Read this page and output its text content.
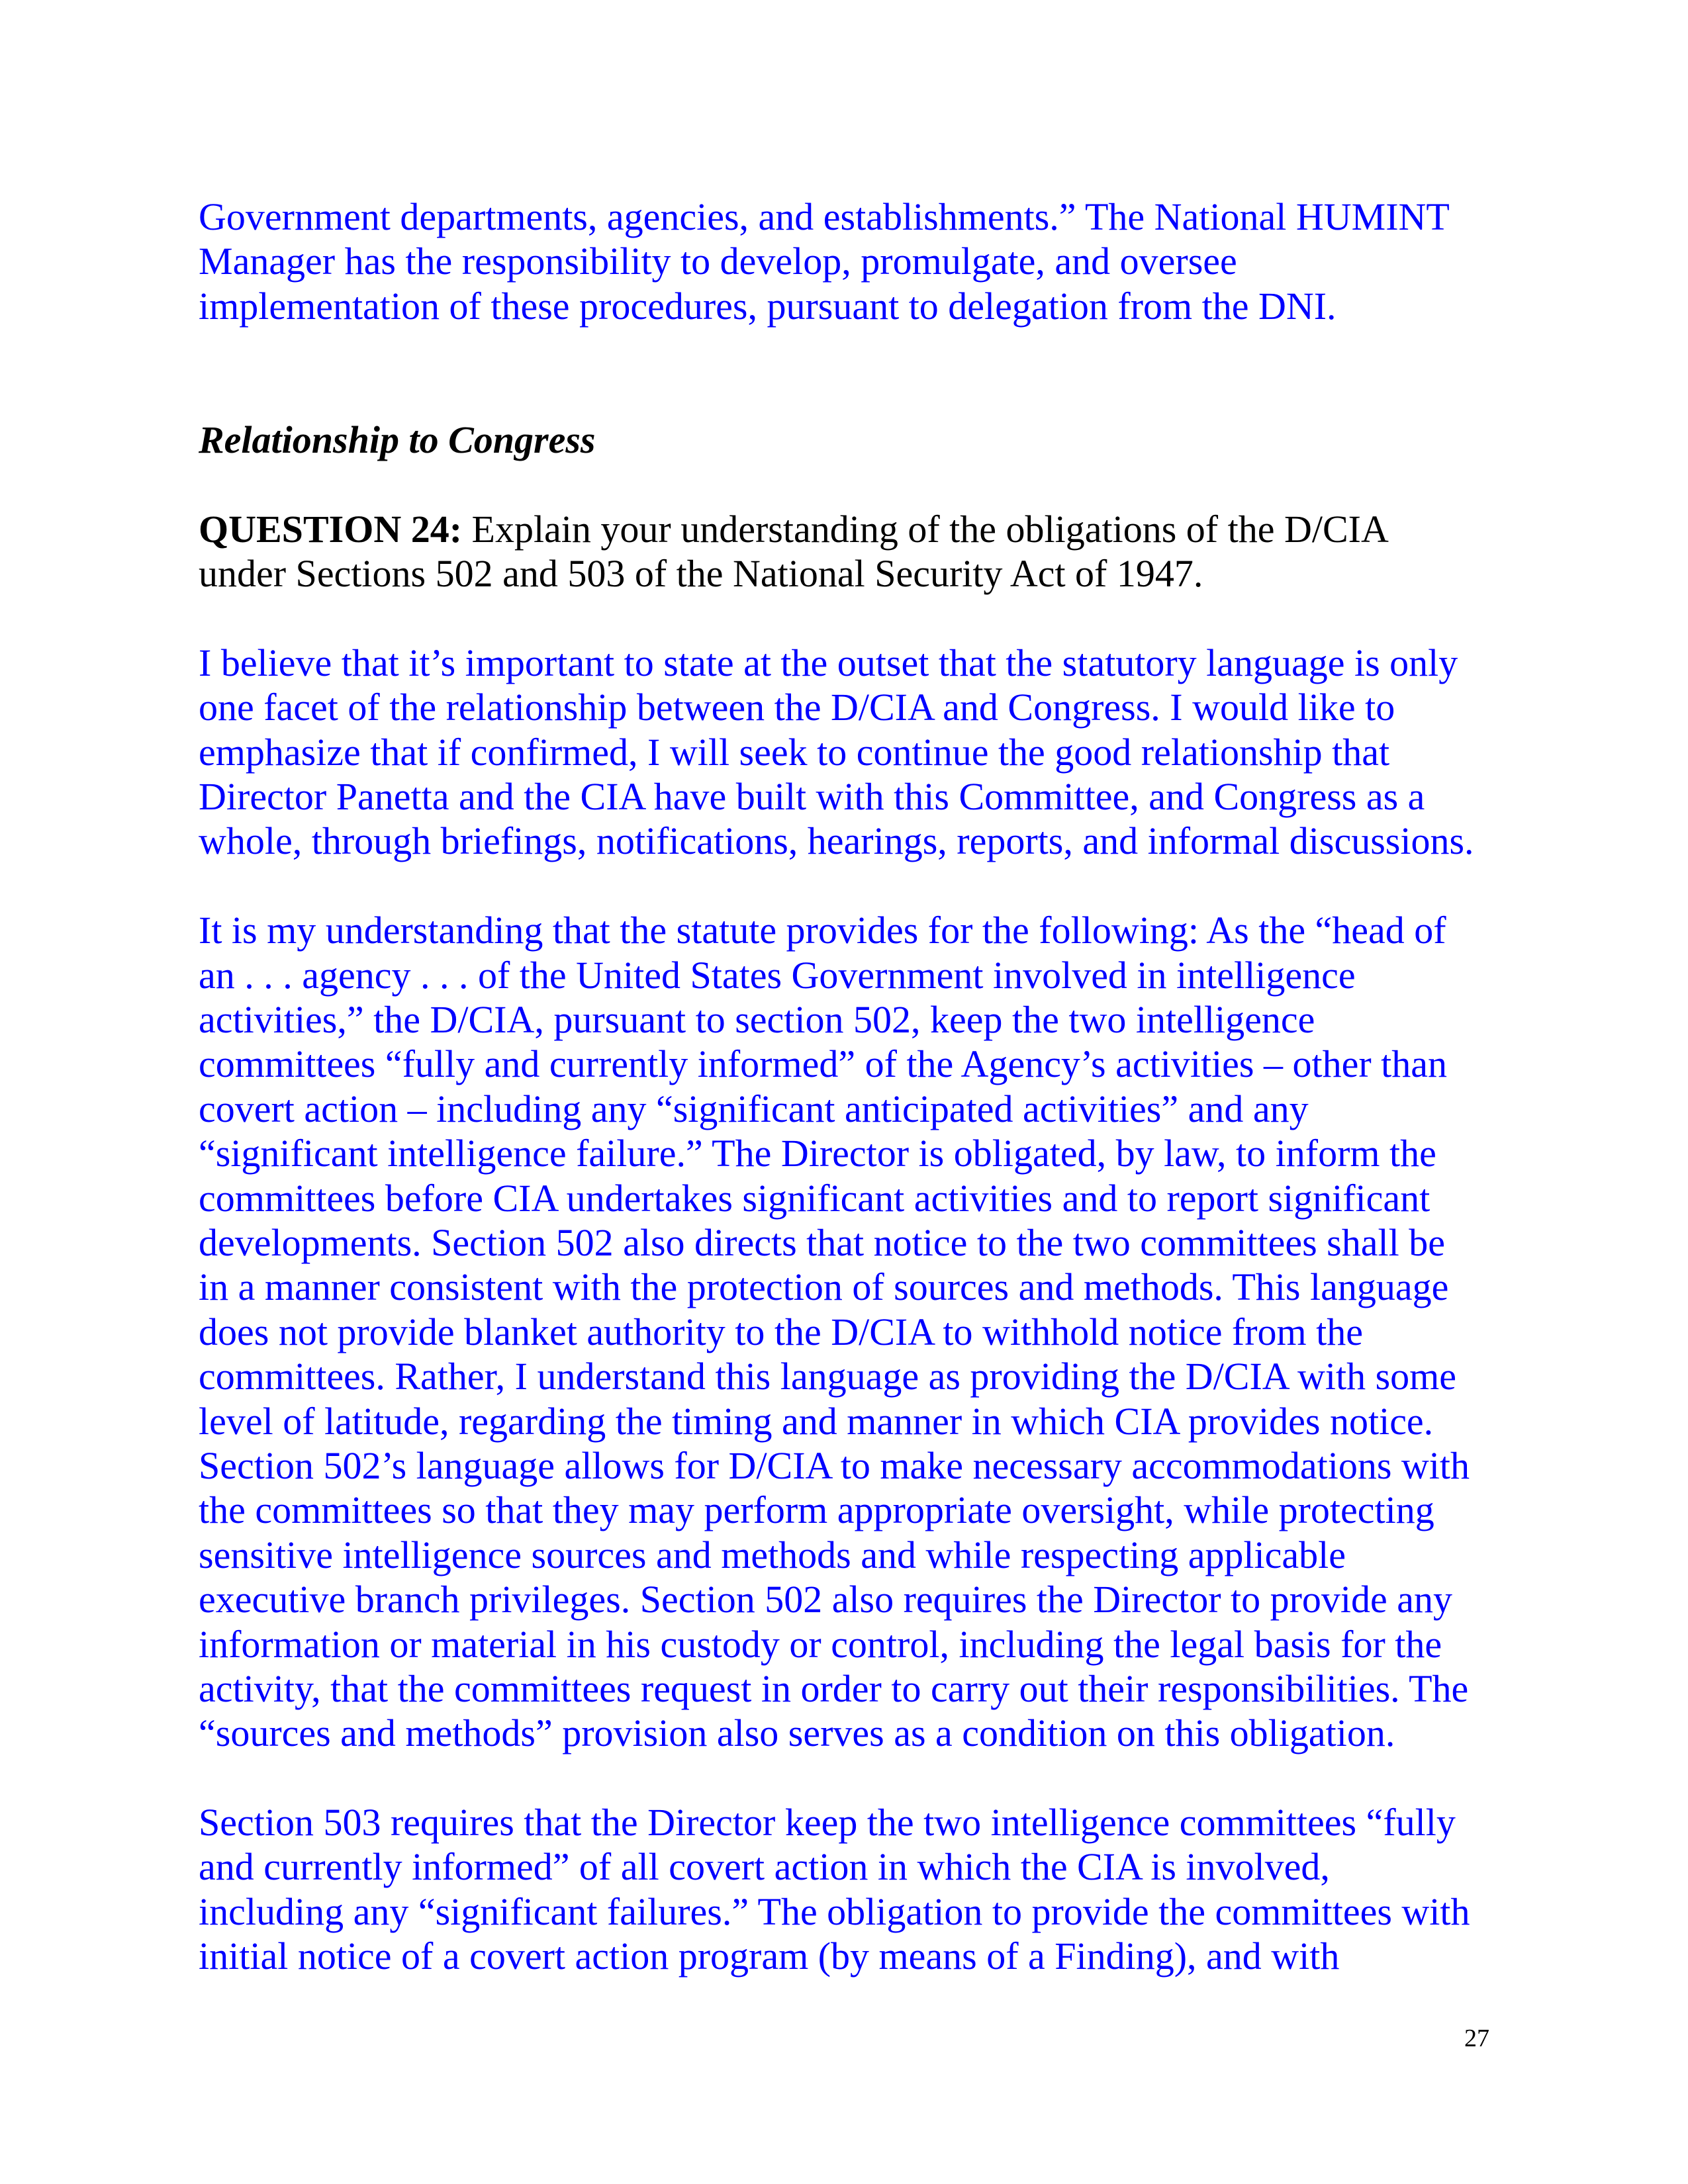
Government departments, agencies, and establishments.” The National HUMINT
Manager has the responsibility to develop, promulgate, and oversee
implementation of these procedures, pursuant to delegation from the DNI.
Relationship to Congress
QUESTION 24: Explain your understanding of the obligations of the D/CIA
under Sections 502 and 503 of the National Security Act of 1947.
I believe that it’s important to state at the outset that the statutory language is only
one facet of the relationship between the D/CIA and Congress. I would like to
emphasize that if confirmed, I will seek to continue the good relationship that
Director Panetta and the CIA have built with this Committee, and Congress as a
whole, through briefings, notifications, hearings, reports, and informal discussions.
It is my understanding that the statute provides for the following: As the “head of
an . . . agency . . . of the United States Government involved in intelligence
activities,” the D/CIA, pursuant to section 502, keep the two intelligence
committees “fully and currently informed” of the Agency’s activities – other than
covert action – including any “significant anticipated activities” and any
“significant intelligence failure.” The Director is obligated, by law, to inform the
committees before CIA undertakes significant activities and to report significant
developments. Section 502 also directs that notice to the two committees shall be
in a manner consistent with the protection of sources and methods. This language
does not provide blanket authority to the D/CIA to withhold notice from the
committees. Rather, I understand this language as providing the D/CIA with some
level of latitude, regarding the timing and manner in which CIA provides notice.
Section 502’s language allows for D/CIA to make necessary accommodations with
the committees so that they may perform appropriate oversight, while protecting
sensitive intelligence sources and methods and while respecting applicable
executive branch privileges. Section 502 also requires the Director to provide any
information or material in his custody or control, including the legal basis for the
activity, that the committees request in order to carry out their responsibilities. The
“sources and methods” provision also serves as a condition on this obligation.
Section 503 requires that the Director keep the two intelligence committees “fully
and currently informed” of all covert action in which the CIA is involved,
including any “significant failures.” The obligation to provide the committees with
initial notice of a covert action program (by means of a Finding), and with
27
